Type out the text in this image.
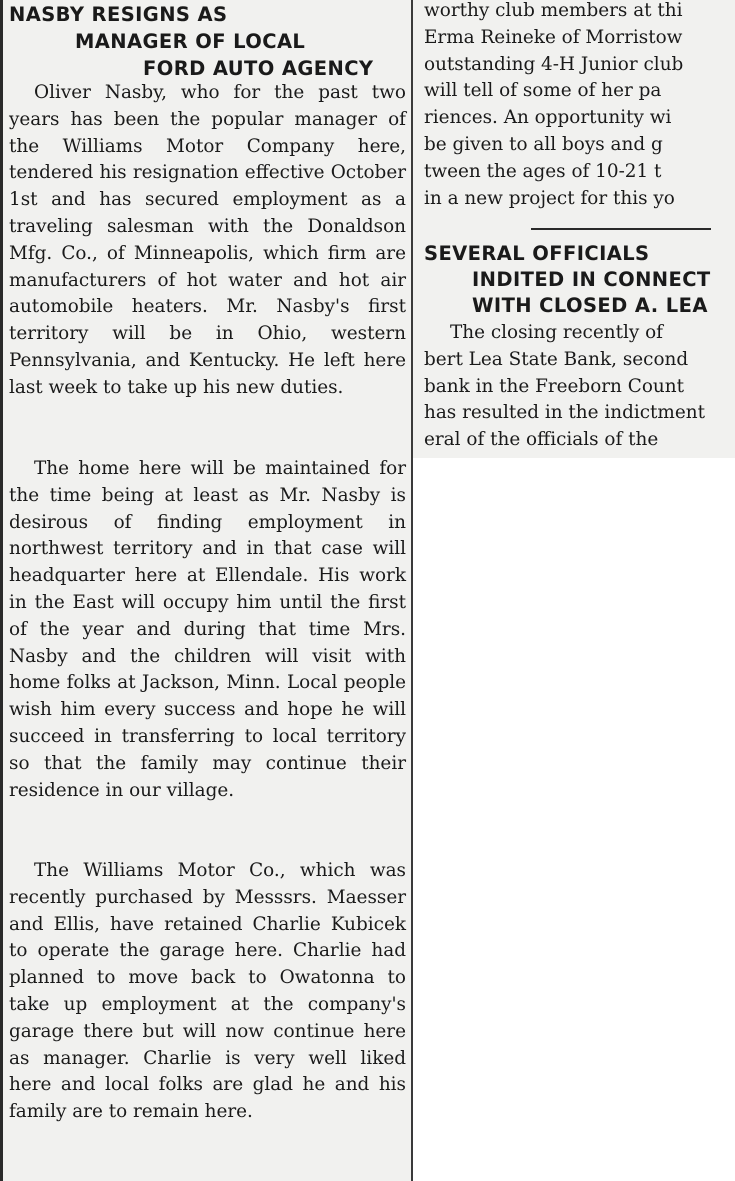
NASBY RESIGNS AS
MANAGER OF LOCAL
FORD AUTO AGENCY

Oliver Nasby, who for the past two years has been the popular manager of the Williams Motor Company here, tendered his resignation effective October 1st and has secured employment as a traveling salesman with the Donaldson Mfg. Co., of Minneapolis, which firm are manufacturers of hot water and hot air automobile heaters. Mr. Nasby's first territory will be in Ohio, western Pennsylvania, and Kentucky. He left here last week to take up his new duties.

The home here will be maintained for the time being at least as Mr. Nasby is desirous of finding employment in northwest territory and in that case will headquarter here at Ellendale. His work in the East will occupy him until the first of the year and during that time Mrs. Nasby and the children will visit with home folks at Jackson, Minn. Local people wish him every success and hope he will succeed in transferring to local territory so that the family may continue their residence in our village.

The Williams Motor Co., which was recently purchased by Messsrs. Maesser and Ellis, have retained Charlie Kubicek to operate the garage here. Charlie had planned to move back to Owatonna to take up employment at the company's garage there but will now continue here as manager. Charlie is very well liked here and local folks are glad he and his family are to remain here.

worthy club members at thi
Erma Reineke of Morristow
outstanding 4-H Junior club
will tell of some of her pa
riences. An opportunity wi
be given to all boys and g
tween the ages of 10-21 t
in a new project for this yo
SEVERAL OFFICIALS
INDITED IN CONNECT
WITH CLOSED A. LEA
The closing recently of
bert Lea State Bank, second
bank in the Freeborn Count
has resulted in the indictment
eral of the officials of the
